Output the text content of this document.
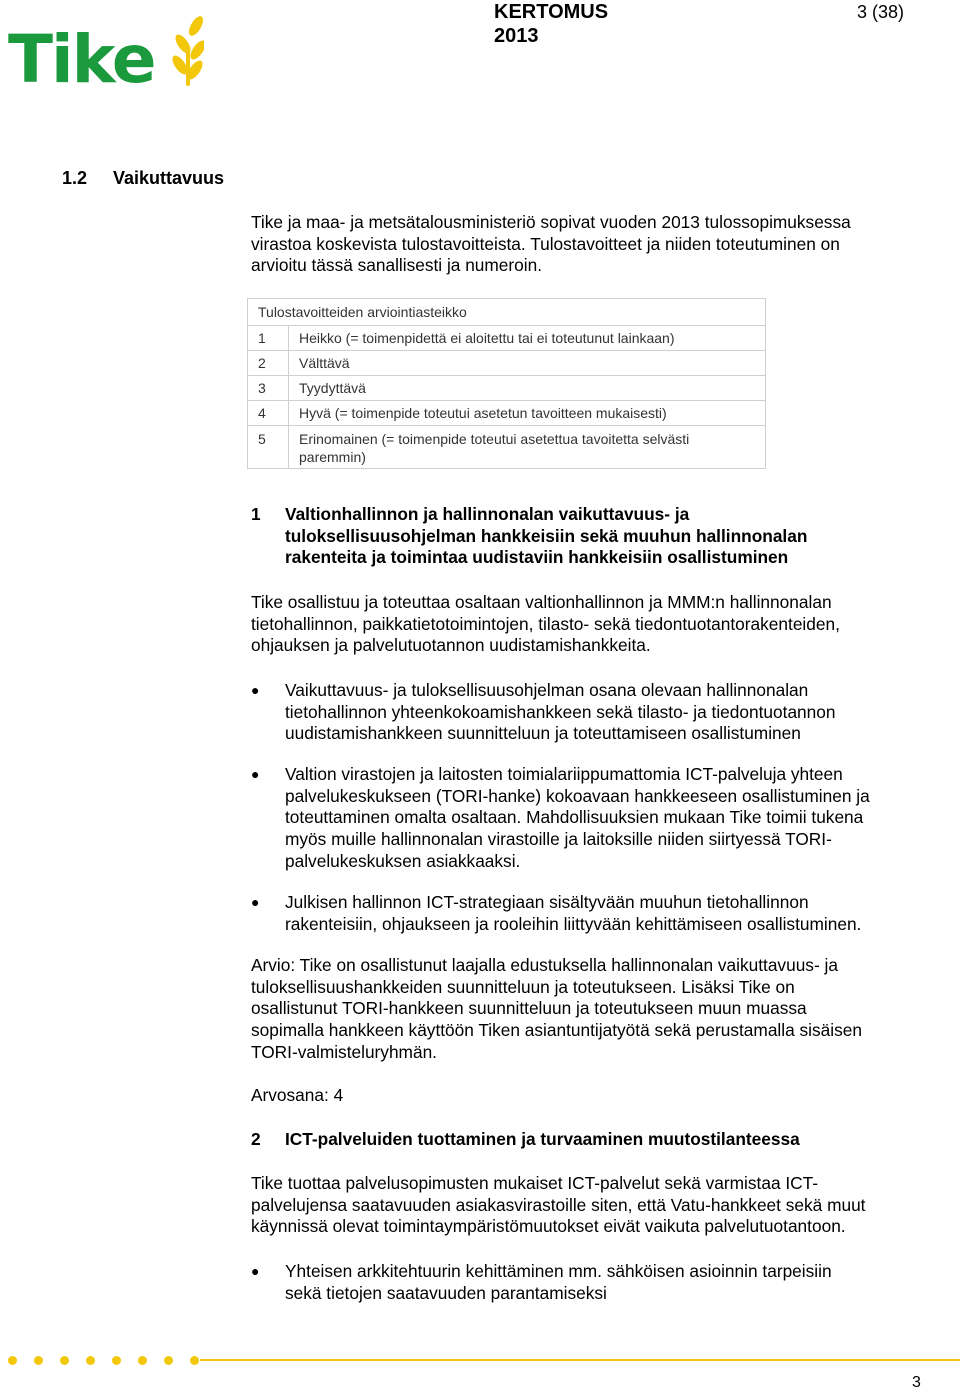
Tike
KERTOMUS
2013
3 (38)
1.2 Vaikuttavuus
Tike ja maa- ja metsätalousministeriö sopivat vuoden 2013 tulossopimuksessa
virastoa koskevista tulostavoitteista. Tulostavoitteet ja niiden toteutuminen on
arvioitu tässä sanallisesti ja numeroin.
Tulostavoitteiden arviointiasteikko	
1	Heikko (= toimenpidettä ei aloitettu tai ei toteutunut lainkaan)
2	Välttävä
3	Tyydyttävä
4	Hyvä (= toimenpide toteutui asetetun tavoitteen mukaisesti)
5	Erinomainen (= toimenpide toteutui asetettua tavoitetta selvästi
paremmin)
1 Valtionhallinnon ja hallinnonalan vaikuttavuus- ja
tuloksellisuusohjelman hankkeisiin sekä muuhun hallinnonalan
rakenteita ja toimintaa uudistaviin hankkeisiin osallistuminen
Tike osallistuu ja toteuttaa osaltaan valtionhallinnon ja MMM:n hallinnonalan
tietohallinnon, paikkatietotoimintojen, tilasto- sekä tiedontuotantorakenteiden,
ohjauksen ja palvelutuotannon uudistamishankkeita.
● Vaikuttavuus- ja tuloksellisuusohjelman osana olevaan hallinnonalan
tietohallinnon yhteenkokoamishankkeen sekä tilasto- ja tiedontuotannon
uudistamishankkeen suunnitteluun ja toteuttamiseen osallistuminen
● Valtion virastojen ja laitosten toimialariippumattomia ICT-palveluja yhteen
palvelukeskukseen (TORI-hanke) kokoavaan hankkeeseen osallistuminen ja
toteuttaminen omalta osaltaan. Mahdollisuuksien mukaan Tike toimii tukena
myös muille hallinnonalan virastoille ja laitoksille niiden siirtyessä TORI-
palvelukeskuksen asiakkaaksi.
● Julkisen hallinnon ICT-strategiaan sisältyvään muuhun tietohallinnon
rakenteisiin, ohjaukseen ja rooleihin liittyvään kehittämiseen osallistuminen.
Arvio: Tike on osallistunut laajalla edustuksella hallinnonalan vaikuttavuus- ja
tuloksellisuushankkeiden suunnitteluun ja toteutukseen. Lisäksi Tike on
osallistunut TORI-hankkeen suunnitteluun ja toteutukseen muun muassa
sopimalla hankkeen käyttöön Tiken asiantuntijatyötä sekä perustamalla sisäisen
TORI-valmisteluryhmän.
Arvosana: 4
2 ICT-palveluiden tuottaminen ja turvaaminen muutostilanteessa
Tike tuottaa palvelusopimusten mukaiset ICT-palvelut sekä varmistaa ICT-
palvelujensa saatavuuden asiakasvirastoille siten, että Vatu-hankkeet sekä muut
käynnissä olevat toimintaympäristömuutokset eivät vaikuta palvelutuotantoon.
● Yhteisen arkkitehtuurin kehittäminen mm. sähköisen asioinnin tarpeisiin
sekä tietojen saatavuuden parantamiseksi
3
